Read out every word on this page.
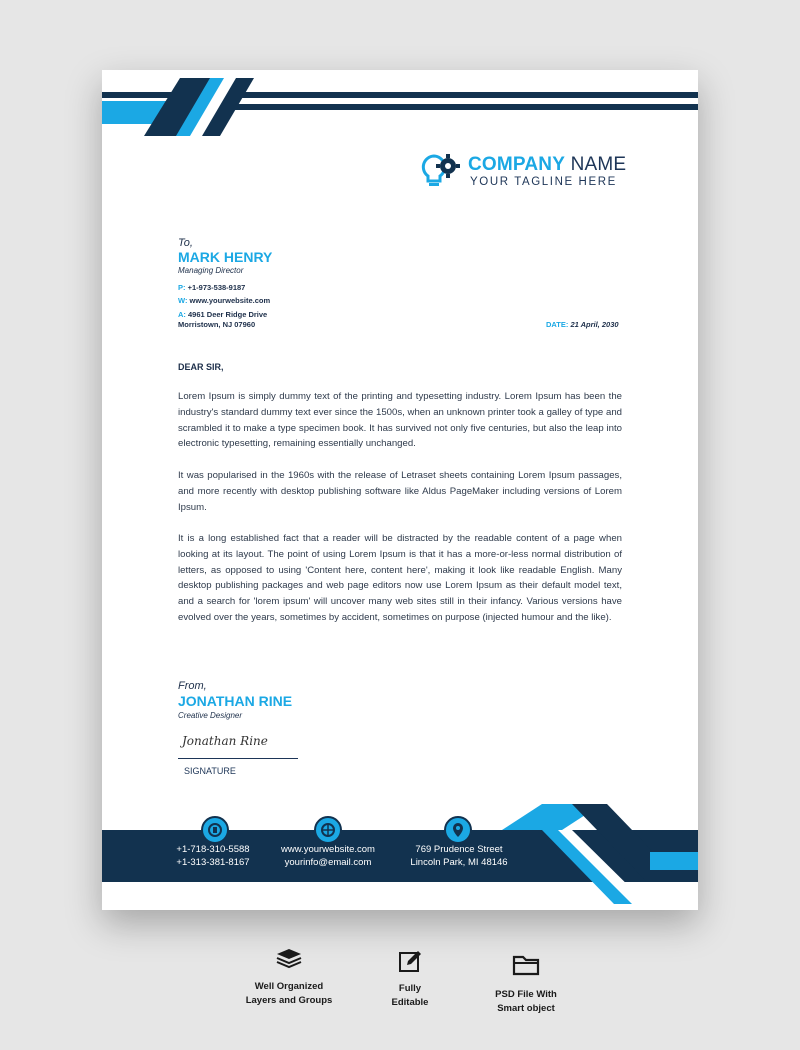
COMPANY NAME
YOUR TAGLINE HERE
To,
MARK HENRY
Managing Director
P: +1-973-538-9187
W: www.yourwebsite.com
A: 4961 Deer Ridge Drive
Morristown, NJ 07960	DATE: 21 April, 2030
DEAR SIR,

Lorem Ipsum is simply dummy text of the printing and typesetting industry. Lorem Ipsum has been the industry's standard dummy text ever since the 1500s, when an unknown printer took a galley of type and scrambled it to make a type specimen book. It has survived not only five centuries, but also the leap into electronic typesetting, remaining essentially unchanged.

It was popularised in the 1960s with the release of Letraset sheets containing Lorem Ipsum passages, and more recently with desktop publishing software like Aldus PageMaker including versions of Lorem Ipsum.

It is a long established fact that a reader will be distracted by the readable content of a page when looking at its layout. The point of using Lorem Ipsum is that it has a more-or-less normal distribution of letters, as opposed to using 'Content here, content here', making it look like readable English. Many desktop publishing packages and web page editors now use Lorem Ipsum as their default model text, and a search for 'lorem ipsum' will uncover many web sites still in their infancy. Various versions have evolved over the years, sometimes by accident, sometimes on purpose (injected humour and the like).

From,
JONATHAN RINE
Creative Designer
Jonathan Rine
SIGNATURE
+1-718-310-5588
+1-313-381-8167
www.yourwebsite.com
yourinfo@email.com
769 Prudence Street
Lincoln Park, MI 48146
Well Organized
Layers and Groups
Fully
Editable
PSD File With
Smart object
